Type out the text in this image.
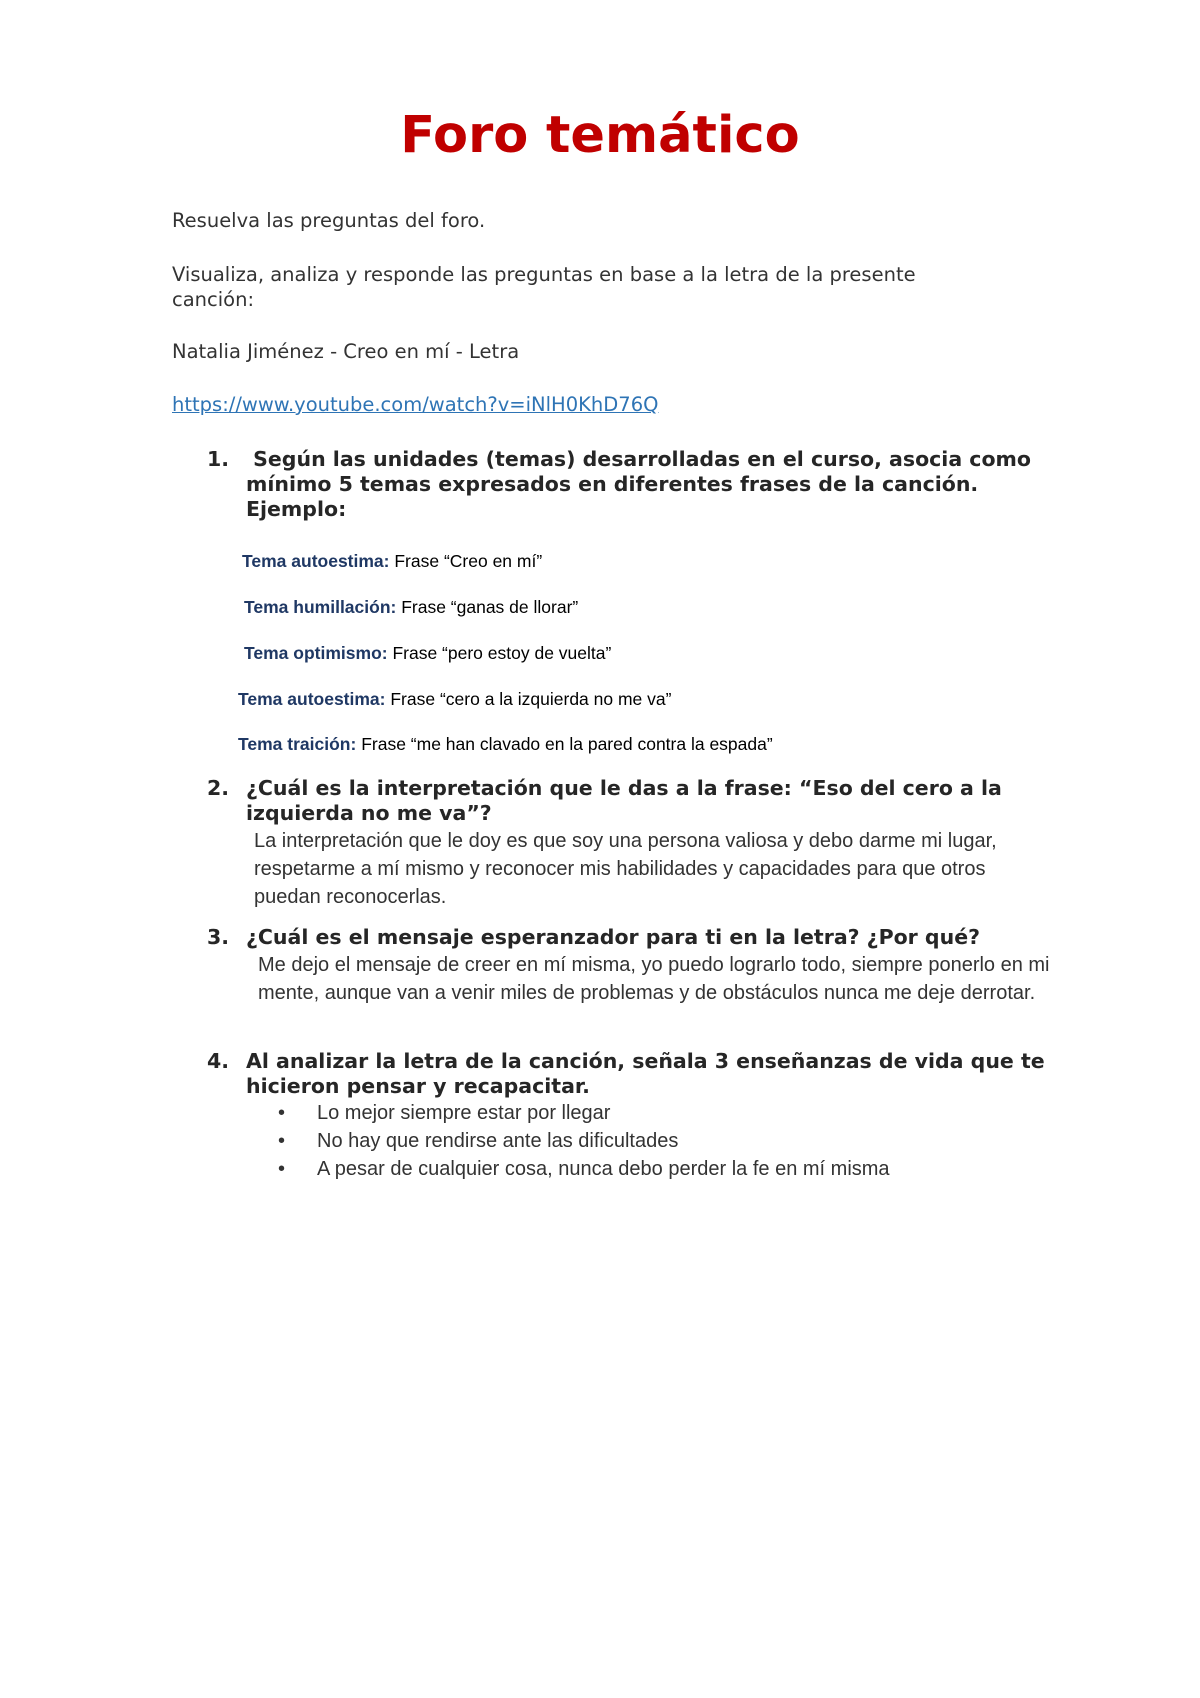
Foro temático
Resuelva las preguntas del foro.
Visualiza, analiza y responde las preguntas en base a la letra de la presente
canción:
Natalia Jiménez - Creo en mí - Letra
https://www.youtube.com/watch?v=iNlH0KhD76Q
1. Según las unidades (temas) desarrolladas en el curso, asocia como mínimo 5 temas expresados en diferentes frases de la canción. Ejemplo:
Tema autoestima: Frase “Creo en mí”
Tema humillación: Frase “ganas de llorar”
Tema optimismo: Frase “pero estoy de vuelta”
Tema autoestima: Frase “cero a la izquierda no me va”
Tema traición: Frase “me han clavado en la pared contra la espada”
2. ¿Cuál es la interpretación que le das a la frase: “Eso del cero a la izquierda no me va”?
La interpretación que le doy es que soy una persona valiosa y debo darme mi lugar, respetarme a mí mismo y reconocer mis habilidades y capacidades para que otros puedan reconocerlas.
3. ¿Cuál es el mensaje esperanzador para ti en la letra? ¿Por qué?
Me dejo el mensaje de creer en mí misma, yo puedo lograrlo todo, siempre ponerlo en mi mente, aunque van a venir miles de problemas y de obstáculos nunca me deje derrotar.
4. Al analizar la letra de la canción, señala 3 enseñanzas de vida que te hicieron pensar y recapacitar.
• Lo mejor siempre estar por llegar
• No hay que rendirse ante las dificultades
• A pesar de cualquier cosa, nunca debo perder la fe en mí misma
